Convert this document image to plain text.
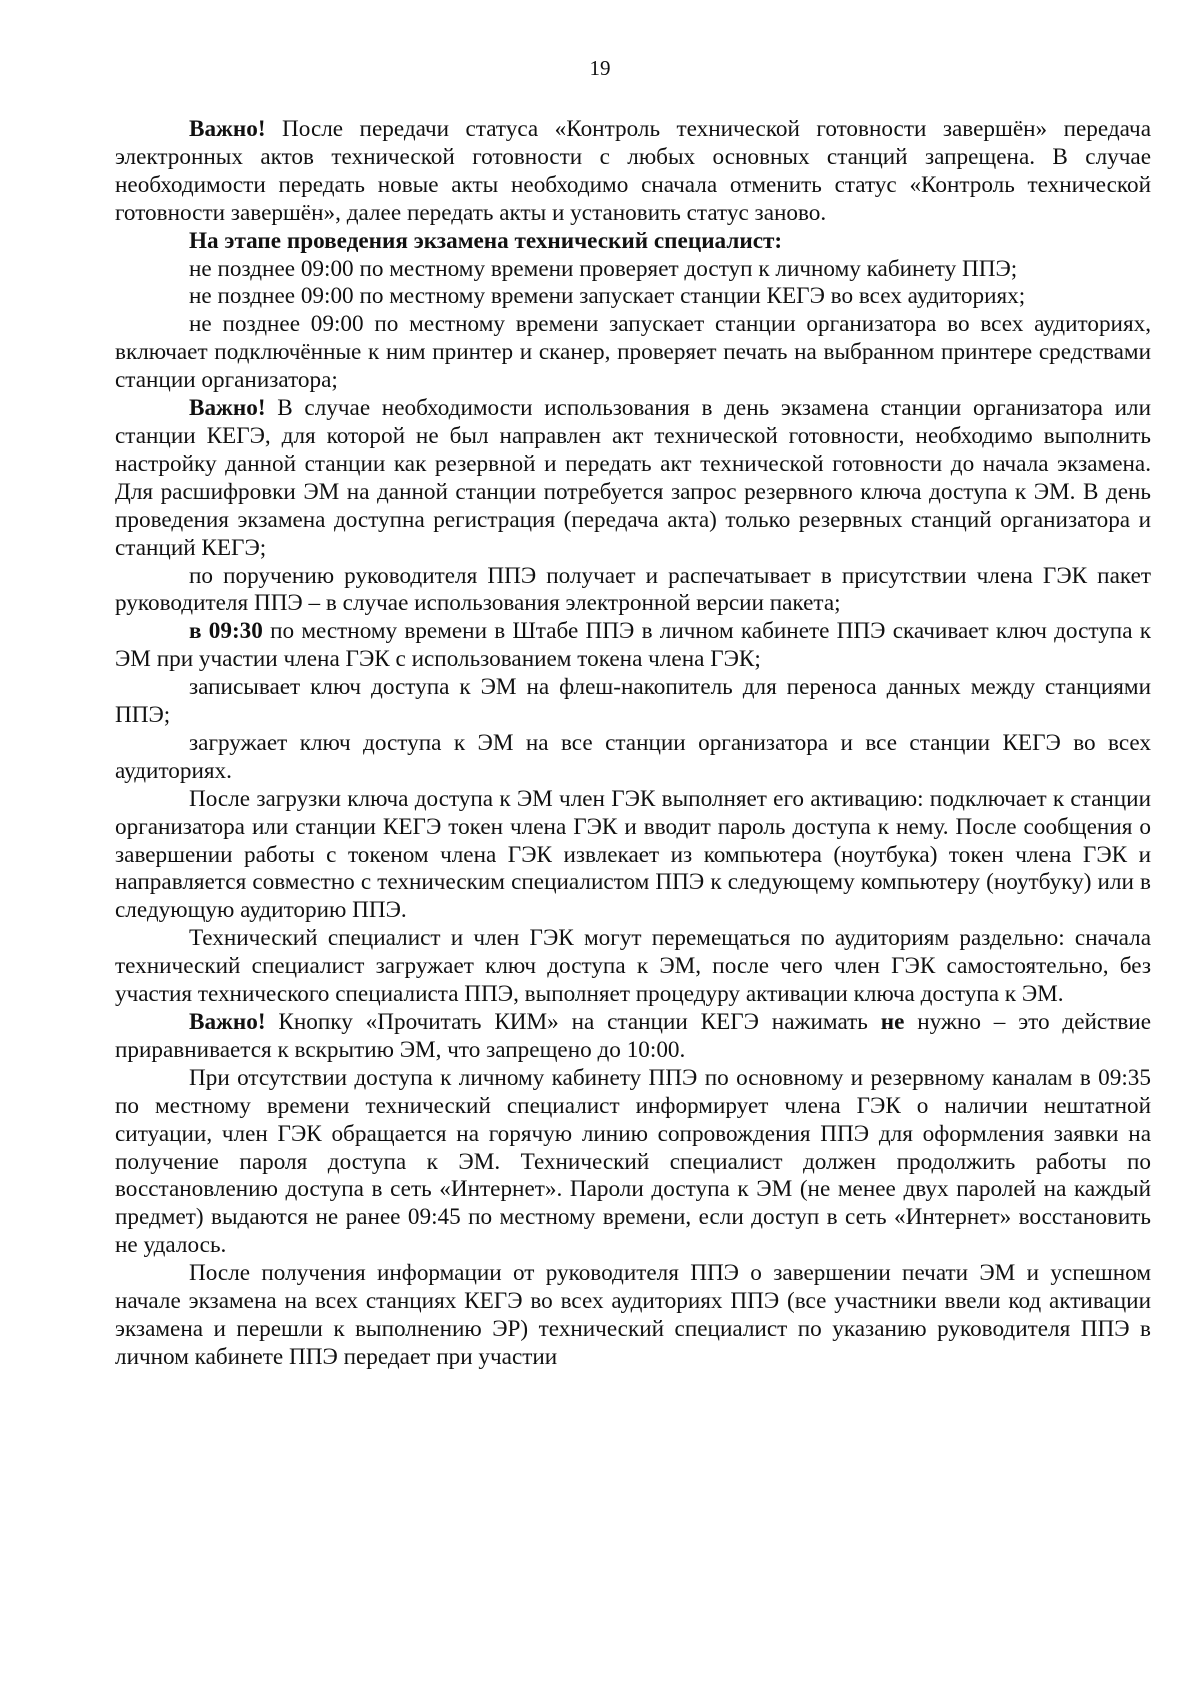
19

Важно! После передачи статуса «Контроль технической готовности завершён» передача электронных актов технической готовности с любых основных станций запрещена. В случае необходимости передать новые акты необходимо сначала отменить статус «Контроль технической готовности завершён», далее передать акты и установить статус заново.

На этапе проведения экзамена технический специалист:

не позднее 09:00 по местному времени проверяет доступ к личному кабинету ППЭ;

не позднее 09:00 по местному времени запускает станции КЕГЭ во всех аудиториях;

не позднее 09:00 по местному времени запускает станции организатора во всех аудиториях, включает подключённые к ним принтер и сканер, проверяет печать на выбранном принтере средствами станции организатора;

Важно! В случае необходимости использования в день экзамена станции организатора или станции КЕГЭ, для которой не был направлен акт технической готовности, необходимо выполнить настройку данной станции как резервной и передать акт технической готовности до начала экзамена. Для расшифровки ЭМ на данной станции потребуется запрос резервного ключа доступа к ЭМ. В день проведения экзамена доступна регистрация (передача акта) только резервных станций организатора и станций КЕГЭ;

по поручению руководителя ППЭ получает и распечатывает в присутствии члена ГЭК пакет руководителя ППЭ – в случае использования электронной версии пакета;

в 09:30 по местному времени в Штабе ППЭ в личном кабинете ППЭ скачивает ключ доступа к ЭМ при участии члена ГЭК с использованием токена члена ГЭК;

записывает ключ доступа к ЭМ на флеш-накопитель для переноса данных между станциями ППЭ;

загружает ключ доступа к ЭМ на все станции организатора и все станции КЕГЭ во всех аудиториях.

После загрузки ключа доступа к ЭМ член ГЭК выполняет его активацию: подключает к станции организатора или станции КЕГЭ токен члена ГЭК и вводит пароль доступа к нему. После сообщения о завершении работы с токеном члена ГЭК извлекает из компьютера (ноутбука) токен члена ГЭК и направляется совместно с техническим специалистом ППЭ к следующему компьютеру (ноутбуку) или в следующую аудиторию ППЭ.

Технический специалист и член ГЭК могут перемещаться по аудиториям раздельно: сначала технический специалист загружает ключ доступа к ЭМ, после чего член ГЭК самостоятельно, без участия технического специалиста ППЭ, выполняет процедуру активации ключа доступа к ЭМ.

Важно! Кнопку «Прочитать КИМ» на станции КЕГЭ нажимать не нужно – это действие приравнивается к вскрытию ЭМ, что запрещено до 10:00.

При отсутствии доступа к личному кабинету ППЭ по основному и резервному каналам в 09:35 по местному времени технический специалист информирует члена ГЭК о наличии нештатной ситуации, член ГЭК обращается на горячую линию сопровождения ППЭ для оформления заявки на получение пароля доступа к ЭМ. Технический специалист должен продолжить работы по восстановлению доступа в сеть «Интернет». Пароли доступа к ЭМ (не менее двух паролей на каждый предмет) выдаются не ранее 09:45 по местному времени, если доступ в сеть «Интернет» восстановить не удалось.

После получения информации от руководителя ППЭ о завершении печати ЭМ и успешном начале экзамена на всех станциях КЕГЭ во всех аудиториях ППЭ (все участники ввели код активации экзамена и перешли к выполнению ЭР) технический специалист по указанию руководителя ППЭ в личном кабинете ППЭ передает при участии
